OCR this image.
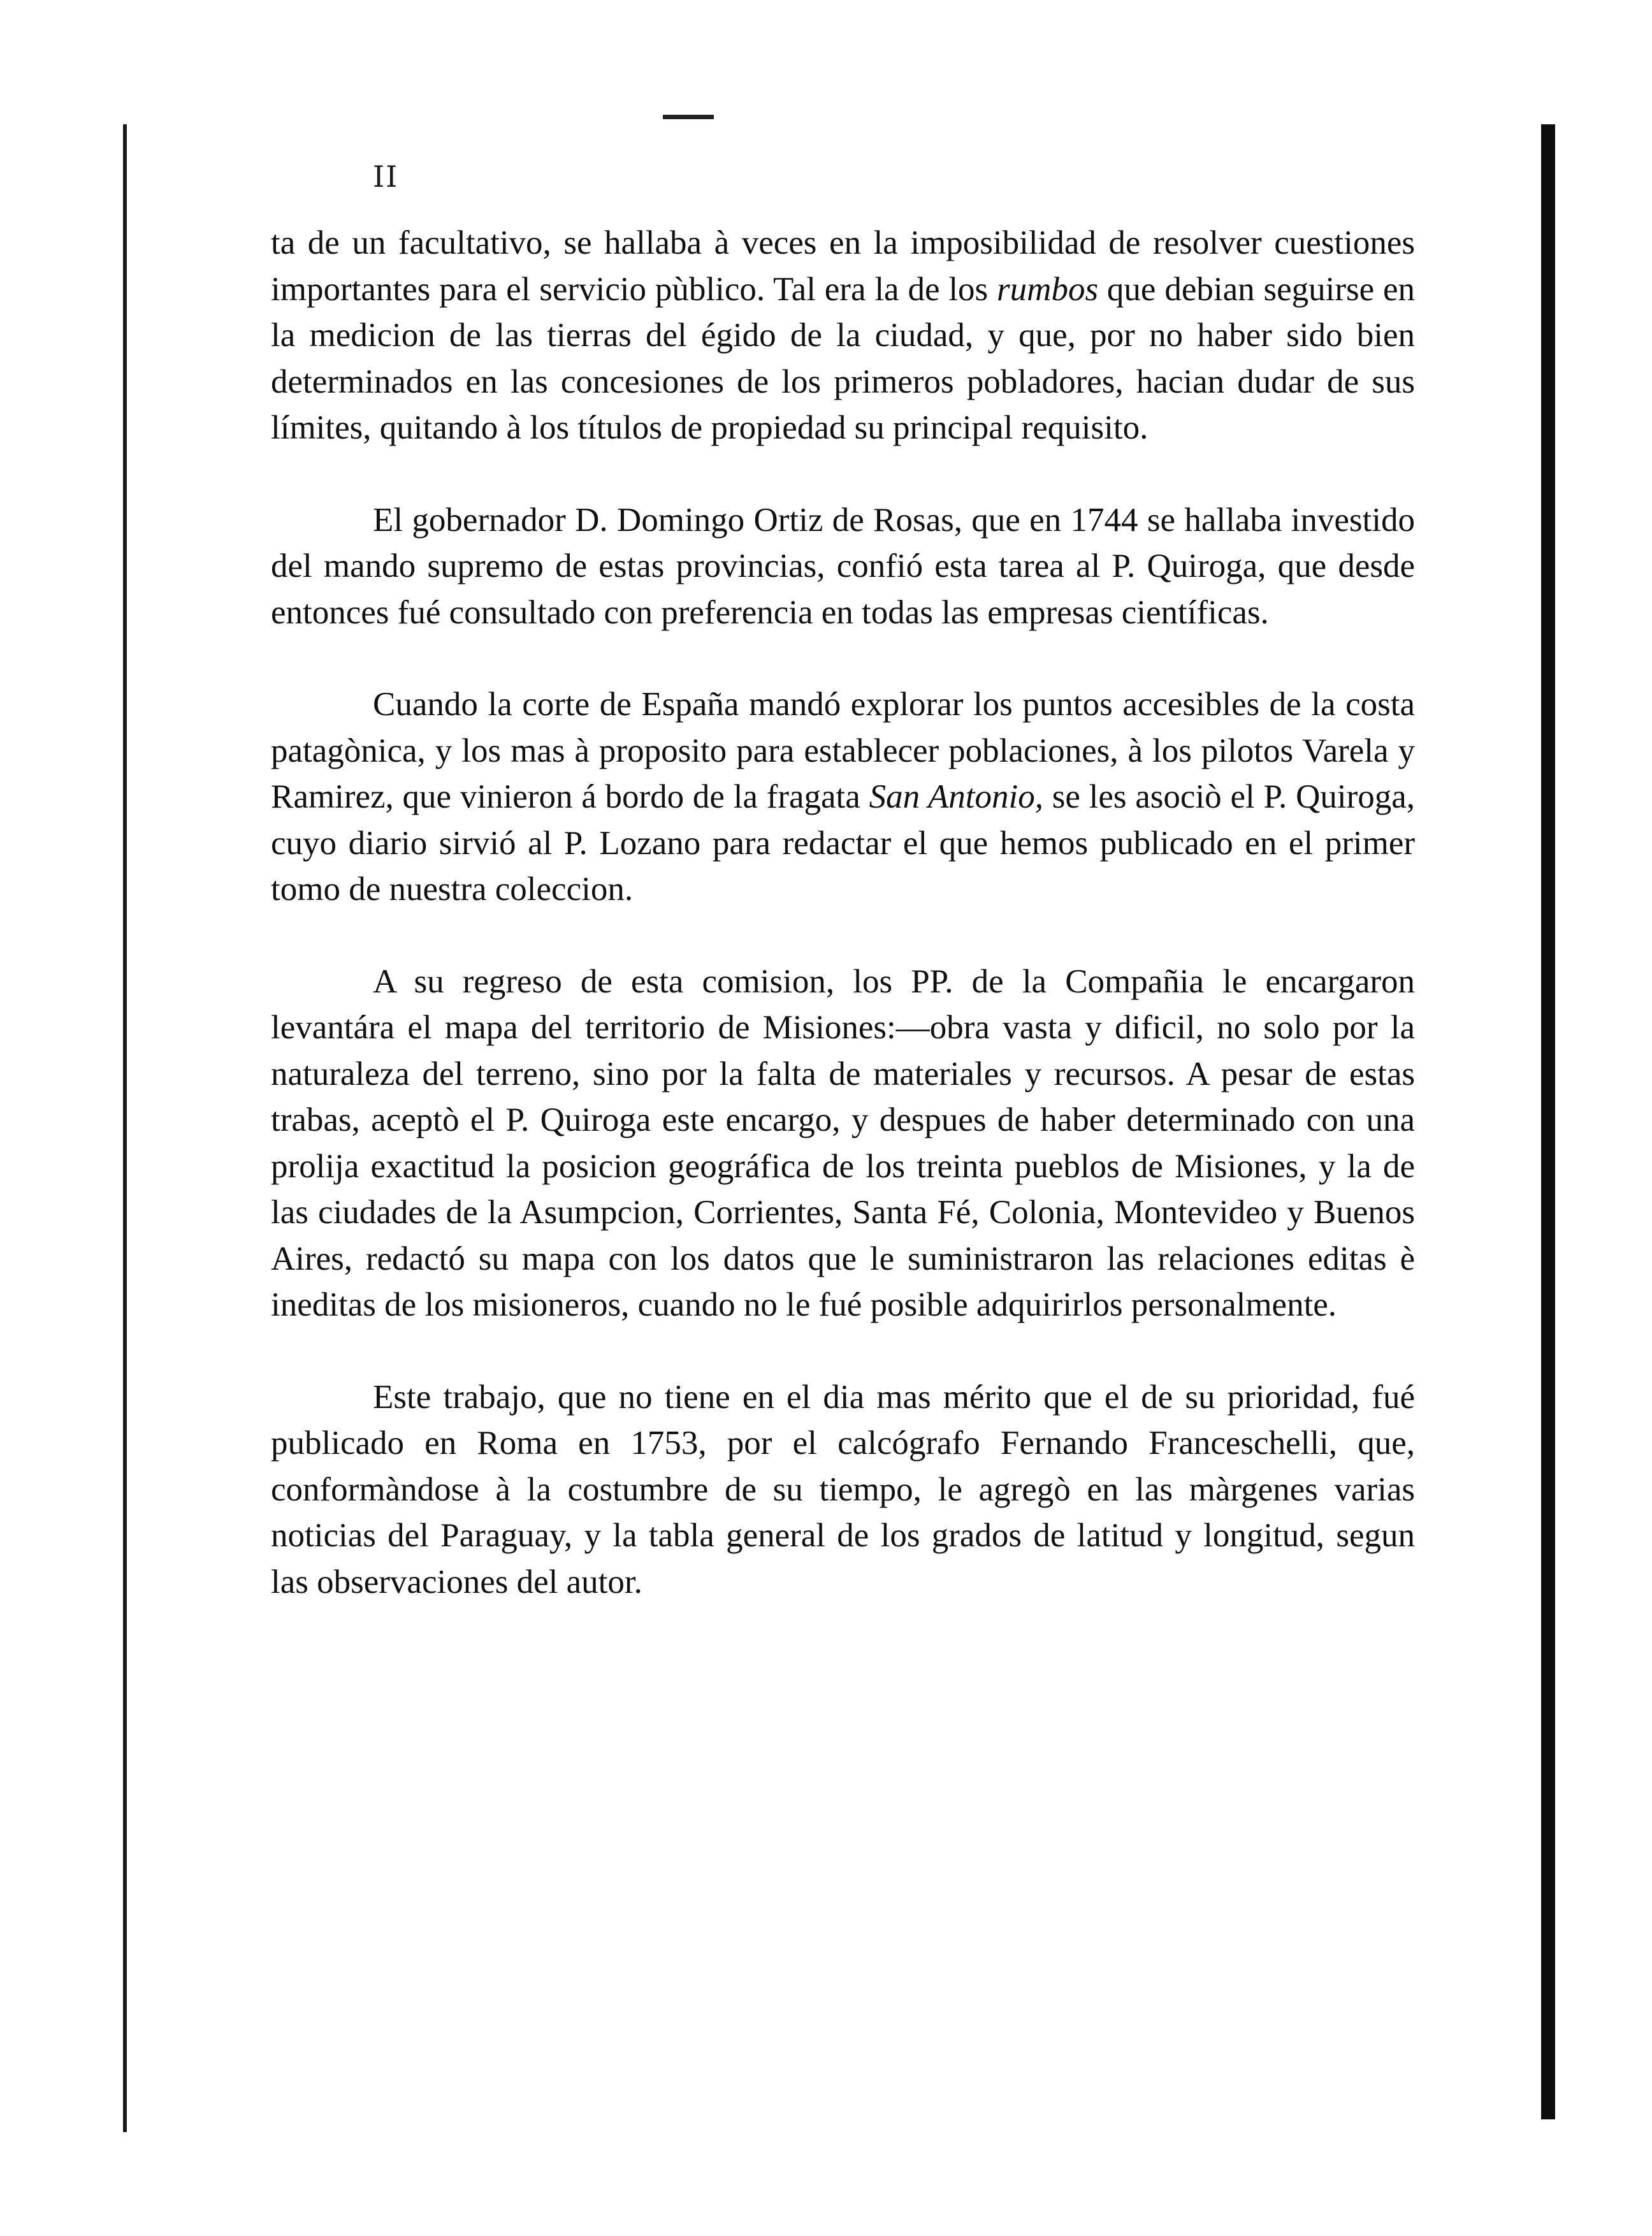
II

ta de un facultativo, se hallaba à veces en la imposibilidad de resolver cuestiones importantes para el servicio pùblico. Tal era la de los rumbos que debian seguirse en la medicion de las tierras del égido de la ciudad, y que, por no haber sido bien determinados en las concesiones de los primeros pobladores, hacian dudar de sus límites, quitando à los títulos de propiedad su principal requisito.

El gobernador D. Domingo Ortiz de Rosas, que en 1744 se hallaba investido del mando supremo de estas provincias, confió esta tarea al P. Quiroga, que desde entonces fué consultado con preferencia en todas las empresas científicas.

Cuando la corte de España mandó explorar los puntos accesibles de la costa patagònica, y los mas à proposito para establecer poblaciones, à los pilotos Varela y Ramirez, que vinieron á bordo de la fragata San Antonio, se les asociò el P. Quiroga, cuyo diario sirvió al P. Lozano para redactar el que hemos publicado en el primer tomo de nuestra coleccion.

A su regreso de esta comision, los PP. de la Compañia le encargaron levantára el mapa del territorio de Misiones:—obra vasta y dificil, no solo por la naturaleza del terreno, sino por la falta de materiales y recursos. A pesar de estas trabas, aceptò el P. Quiroga este encargo, y despues de haber determinado con una prolija exactitud la posicion geográfica de los treinta pueblos de Misiones, y la de las ciudades de la Asumpcion, Corrientes, Santa Fé, Colonia, Montevideo y Buenos Aires, redactó su mapa con los datos que le suministraron las relaciones editas è ineditas de los misioneros, cuando no le fué posible adquirirlos personalmente.

Este trabajo, que no tiene en el dia mas mérito que el de su prioridad, fué publicado en Roma en 1753, por el calcógrafo Fernando Franceschelli, que, conformàndose à la costumbre de su tiempo, le agregò en las màrgenes varias noticias del Paraguay, y la tabla general de los grados de latitud y longitud, segun las observaciones del autor.
